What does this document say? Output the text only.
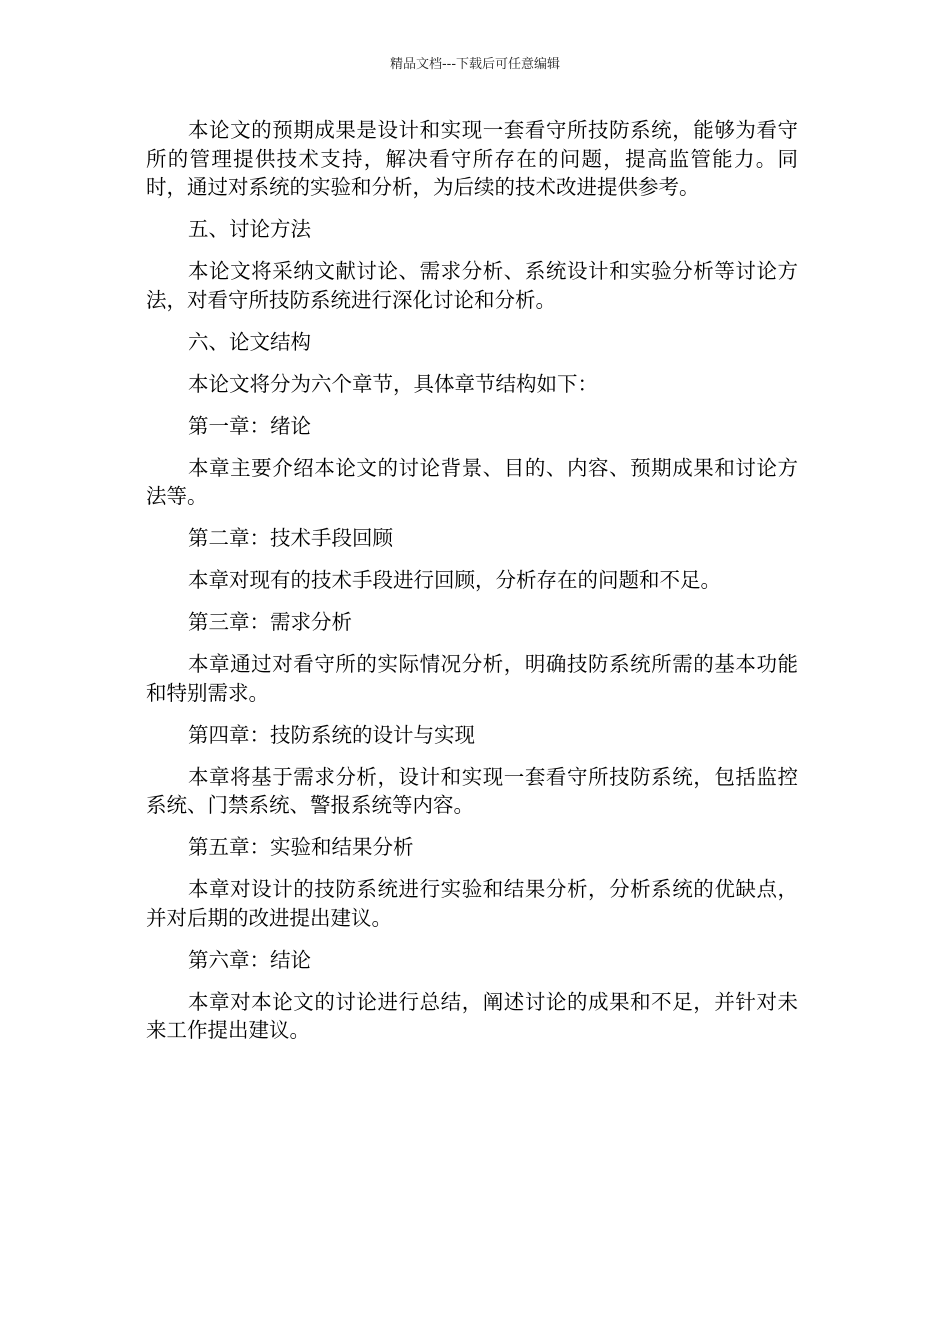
精品文档---下载后可任意编辑

本论文的预期成果是设计和实现一套看守所技防系统，能够为看守所的管理提供技术支持，解决看守所存在的问题，提高监管能力。同时，通过对系统的实验和分析，为后续的技术改进提供参考。

五、讨论方法

本论文将采纳文献讨论、需求分析、系统设计和实验分析等讨论方法，对看守所技防系统进行深化讨论和分析。

六、论文结构

本论文将分为六个章节，具体章节结构如下：

第一章：绪论

本章主要介绍本论文的讨论背景、目的、内容、预期成果和讨论方法等。

第二章：技术手段回顾

本章对现有的技术手段进行回顾，分析存在的问题和不足。

第三章：需求分析

本章通过对看守所的实际情况分析，明确技防系统所需的基本功能和特别需求。

第四章：技防系统的设计与实现

本章将基于需求分析，设计和实现一套看守所技防系统，包括监控系统、门禁系统、警报系统等内容。

第五章：实验和结果分析

本章对设计的技防系统进行实验和结果分析，分析系统的优缺点，并对后期的改进提出建议。

第六章：结论

本章对本论文的讨论进行总结，阐述讨论的成果和不足，并针对未来工作提出建议。
